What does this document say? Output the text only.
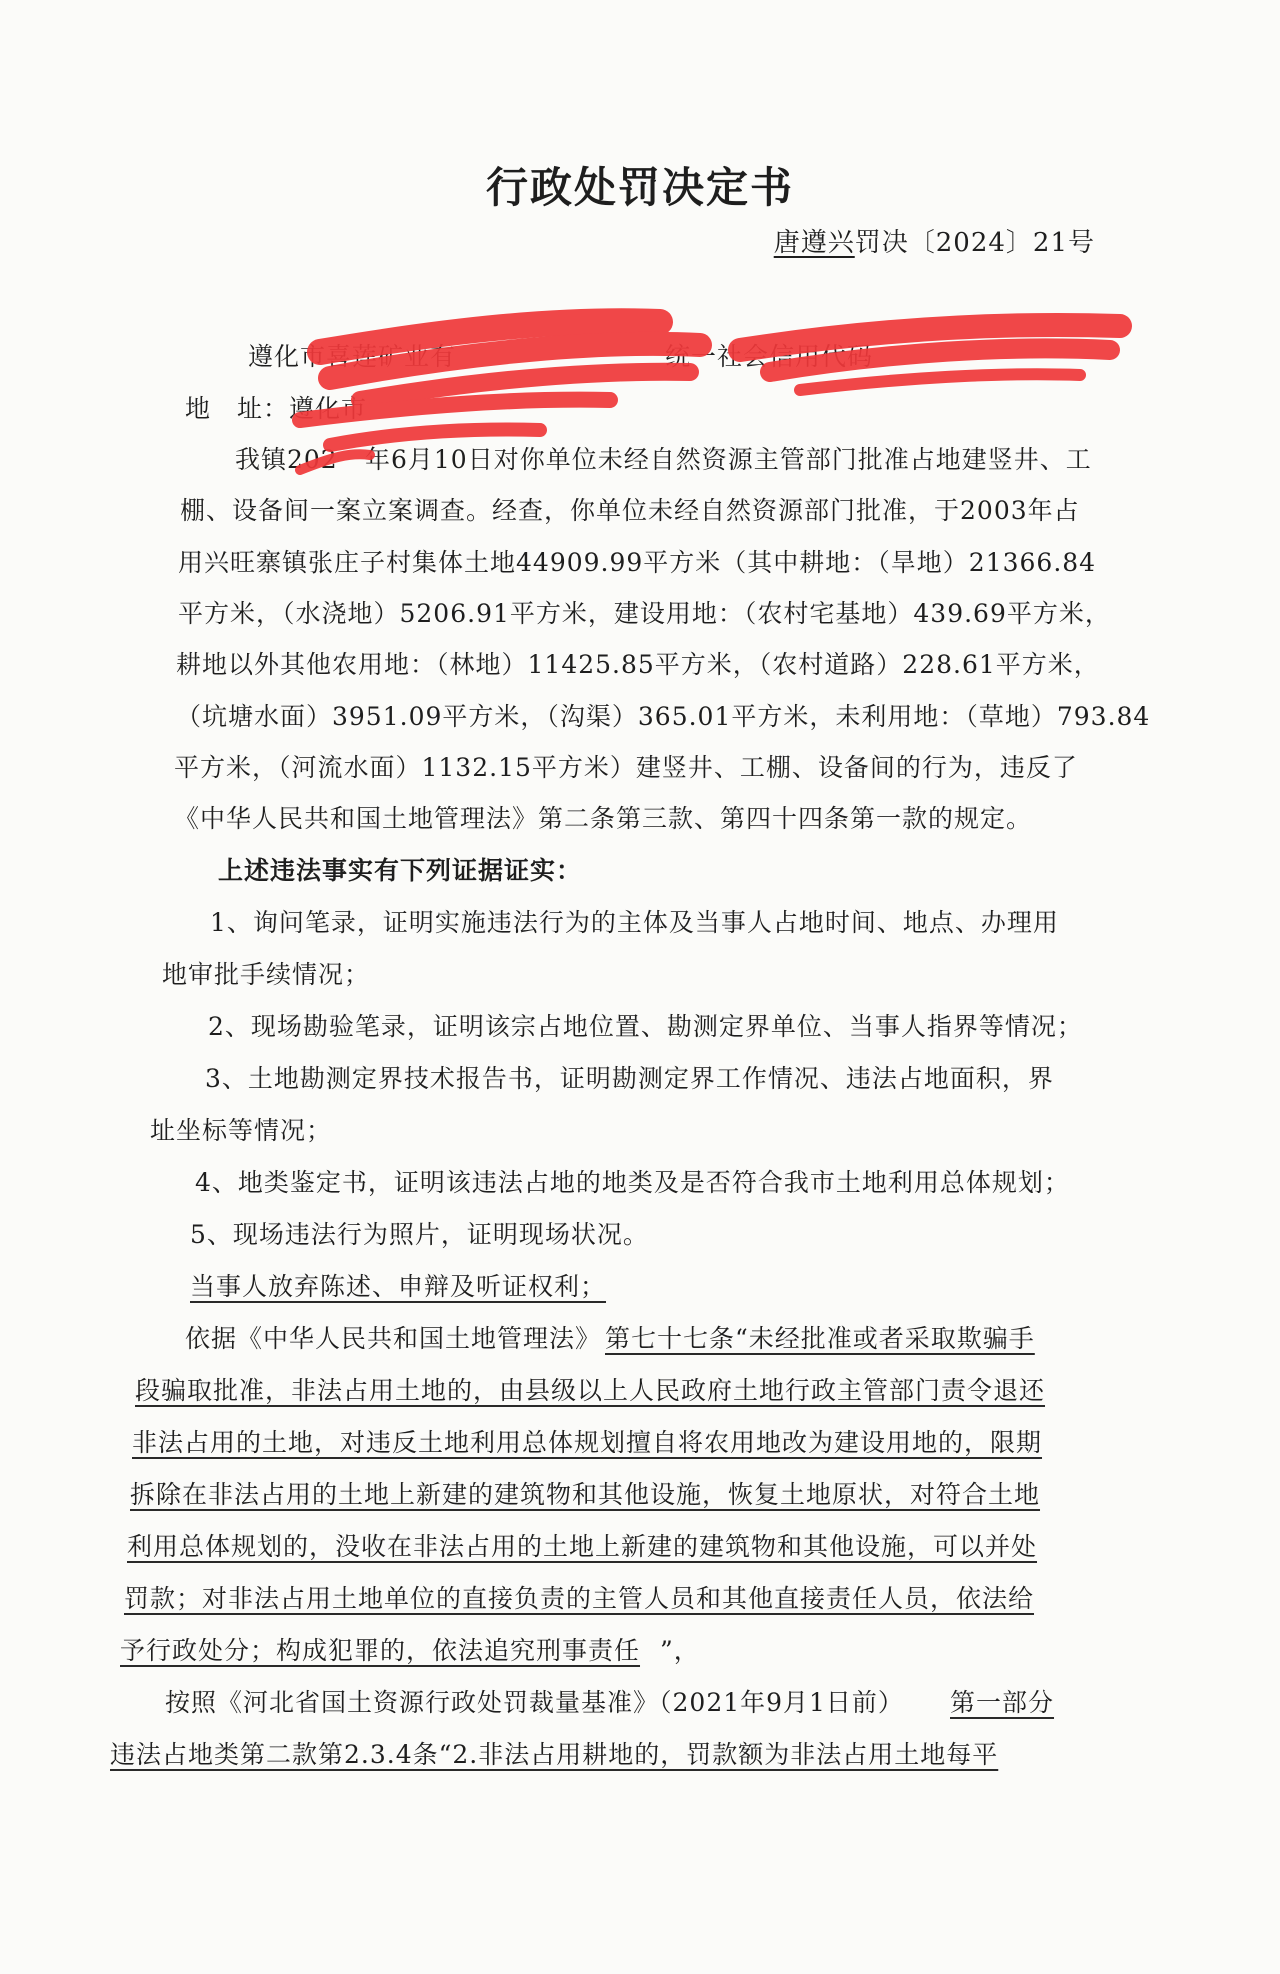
行政处罚决定书
唐遵兴罚决〔2024〕21号
遵化市喜莲矿业有	统一社会信用代码
地　址：遵化市
我镇202 年6月10日对你单位未经自然资源主管部门批准占地建竖井、工
棚、设备间一案立案调查。经查，你单位未经自然资源部门批准，于2003年占
用兴旺寨镇张庄子村集体土地44909.99平方米（其中耕地：（旱地）21366.84
平方米，（水浇地）5206.91平方米，建设用地：（农村宅基地）439.69平方米，
耕地以外其他农用地：（林地）11425.85平方米，（农村道路）228.61平方米，
（坑塘水面）3951.09平方米，（沟渠）365.01平方米，未利用地：（草地）793.84
平方米，（河流水面）1132.15平方米）建竖井、工棚、设备间的行为，违反了
《中华人民共和国土地管理法》第二条第三款、第四十四条第一款的规定。
上述违法事实有下列证据证实：
1、询问笔录，证明实施违法行为的主体及当事人占地时间、地点、办理用
地审批手续情况；
2、现场勘验笔录，证明该宗占地位置、勘测定界单位、当事人指界等情况；
3、土地勘测定界技术报告书，证明勘测定界工作情况、违法占地面积，界
址坐标等情况；
4、地类鉴定书，证明该违法占地的地类及是否符合我市土地利用总体规划；
5、现场违法行为照片，证明现场状况。
当事人放弃陈述、申辩及听证权利；
依据《中华人民共和国土地管理法》 第七十七条“未经批准或者采取欺骗手
段骗取批准，非法占用土地的，由县级以上人民政府土地行政主管部门责令退还
非法占用的土地，对违反土地利用总体规划擅自将农用地改为建设用地的，限期
拆除在非法占用的土地上新建的建筑物和其他设施，恢复土地原状，对符合土地
利用总体规划的，没收在非法占用的土地上新建的建筑物和其他设施，可以并处
罚款；对非法占用土地单位的直接负责的主管人员和其他直接责任人员，依法给
予行政处分；构成犯罪的，依法追究刑事责任 ”，
按照《河北省国土资源行政处罚裁量基准》（2021年9月1日前） 第一部分
违法占地类第二款第2.3.4条“2.非法占用耕地的，罚款额为非法占用土地每平
